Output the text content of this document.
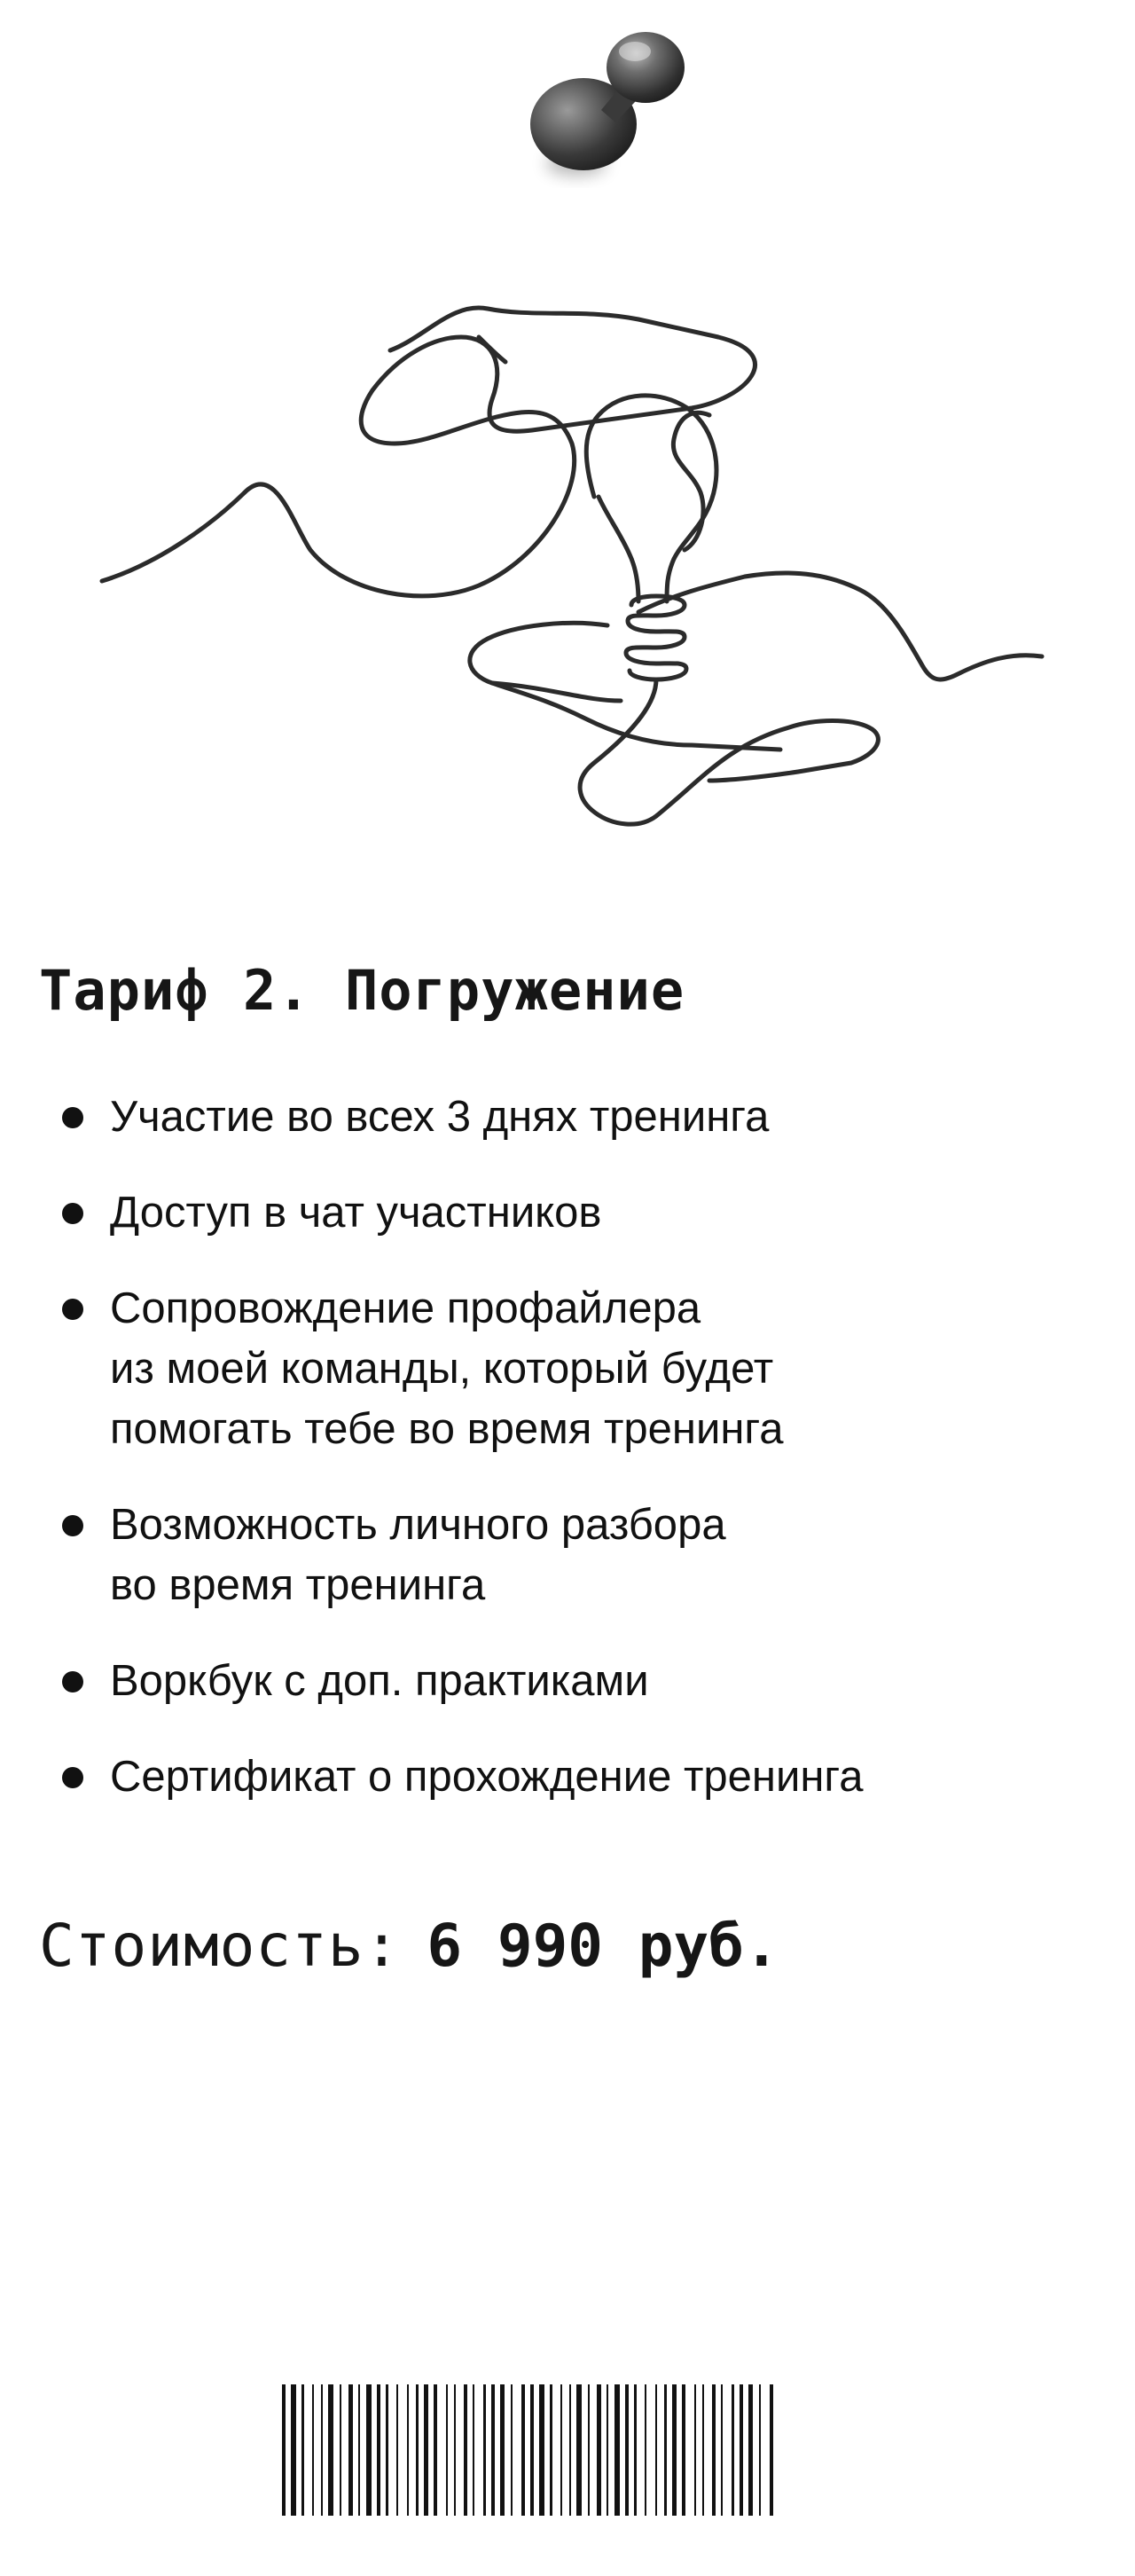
Тариф 2. Погружение
Участие во всех 3 днях тренинга
Доступ в чат участников
Сопровождение профайлера
из моей команды, который будет
помогать тебе во время тренинга
Возможность личного разбора
во время тренинга
Воркбук с доп. практиками
Сертификат о прохождение тренинга
Стоимость: 6 990 руб.
